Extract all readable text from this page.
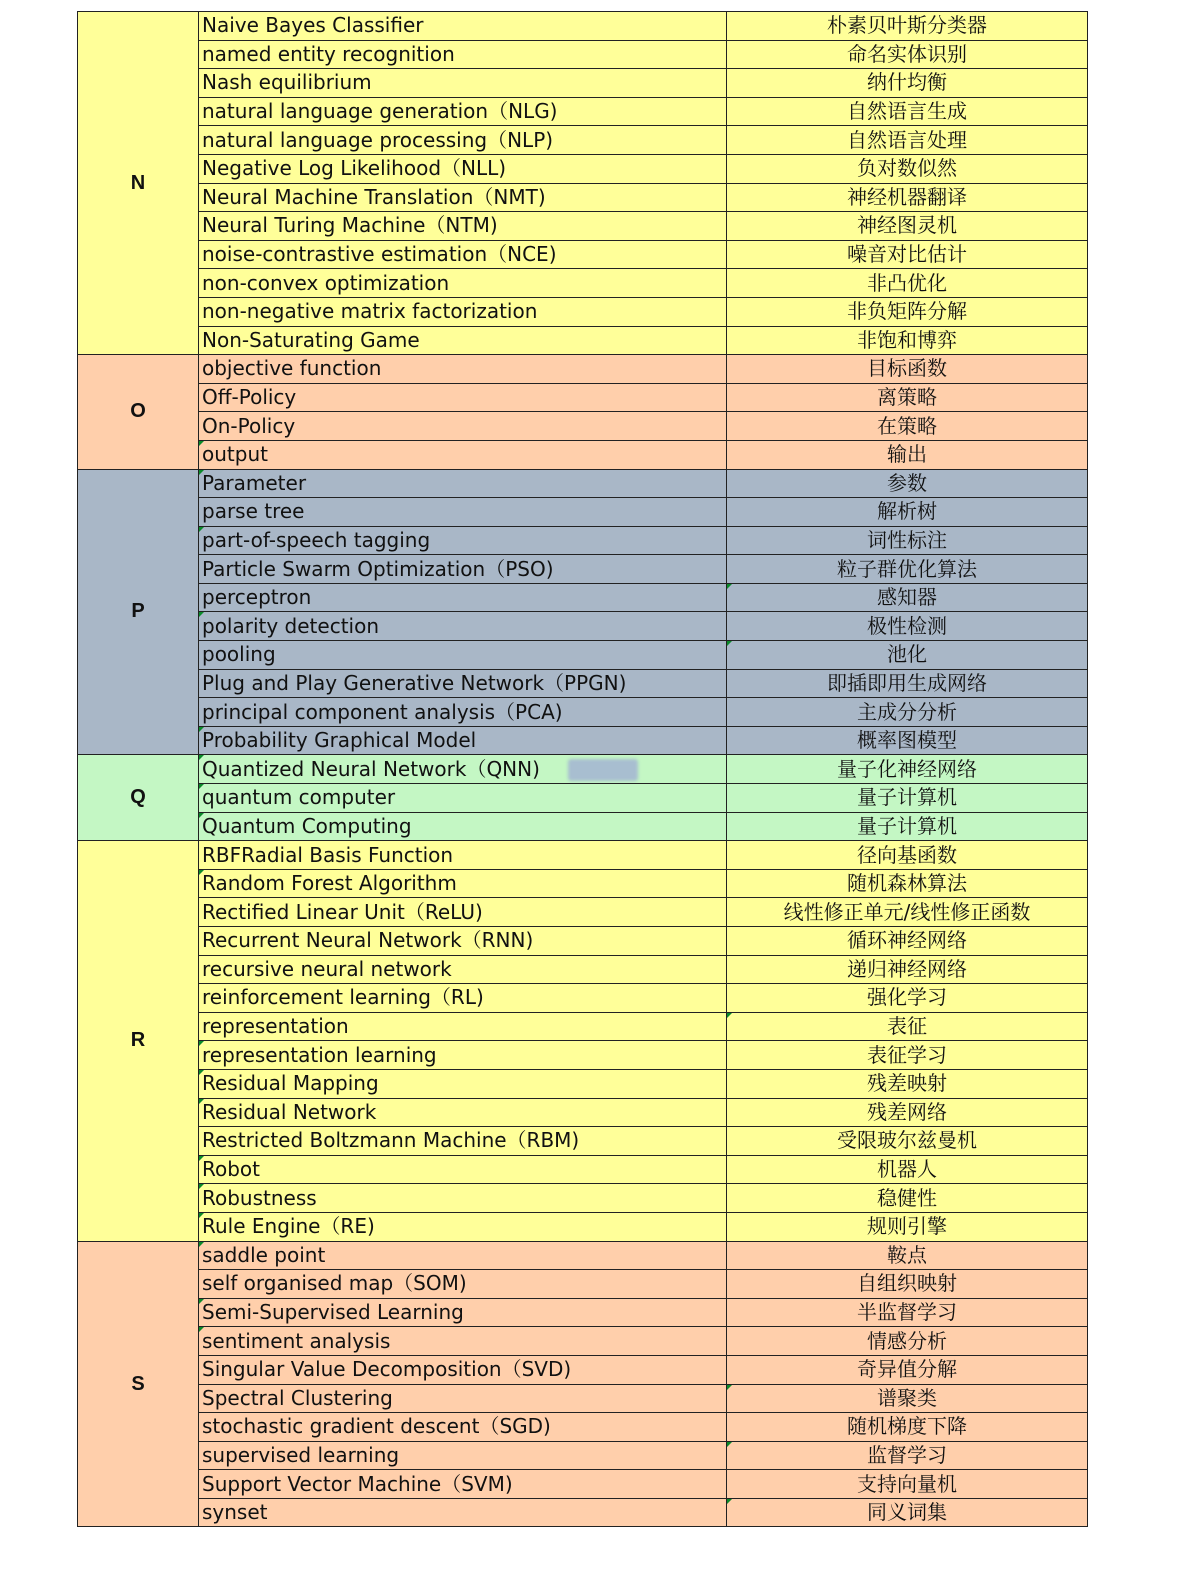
N	Naive Bayes Classifier	朴素贝叶斯分类器
	named entity recognition	命名实体识别
	Nash equilibrium	纳什均衡
	natural language generation（NLG)	自然语言生成
	natural language processing（NLP)	自然语言处理
	Negative Log Likelihood（NLL)	负对数似然
	Neural Machine Translation（NMT)	神经机器翻译
	Neural Turing Machine（NTM)	神经图灵机
	noise-contrastive estimation（NCE)	噪音对比估计
	non-convex optimization	非凸优化
	non-negative matrix factorization	非负矩阵分解
	Non-Saturating Game	非饱和博弈
O	objective function	目标函数
	Off-Policy	离策略
	On-Policy	在策略
	output	输出
P	Parameter	参数
	parse tree	解析树
	part-of-speech tagging	词性标注
	Particle Swarm Optimization（PSO)	粒子群优化算法
	perceptron	感知器

	polarity detection	极性检测
	pooling	池化

	Plug and Play Generative Network（PPGN)	即插即用生成网络
	principal component analysis（PCA)	主成分分析
	Probability Graphical Model	概率图模型
Q	Quantized Neural Network（QNN)	量子化神经网络
	quantum computer	量子计算机
	Quantum Computing	量子计算机
R	RBFRadial Basis Function	径向基函数
	Random Forest Algorithm	随机森林算法
	Rectified Linear Unit（ReLU)	线性修正单元/线性修正函数
	Recurrent Neural Network（RNN)	循环神经网络
	recursive neural network	递归神经网络
	reinforcement learning（RL)	强化学习
	representation	表征

	representation learning	表征学习
	Residual Mapping	残差映射
	Residual Network	残差网络
	Restricted Boltzmann Machine（RBM)	受限玻尔兹曼机
	Robot	机器人
	Robustness	稳健性
	Rule Engine（RE)	规则引擎
S	saddle point	鞍点
	self organised map（SOM)	自组织映射
	Semi-Supervised Learning	半监督学习
	sentiment analysis	情感分析
	Singular Value Decomposition（SVD)	奇异值分解
	Spectral Clustering	谱聚类

	stochastic gradient descent（SGD)	随机梯度下降
	supervised learning	监督学习

	Support Vector Machine（SVM)	支持向量机
	synset	同义词集
